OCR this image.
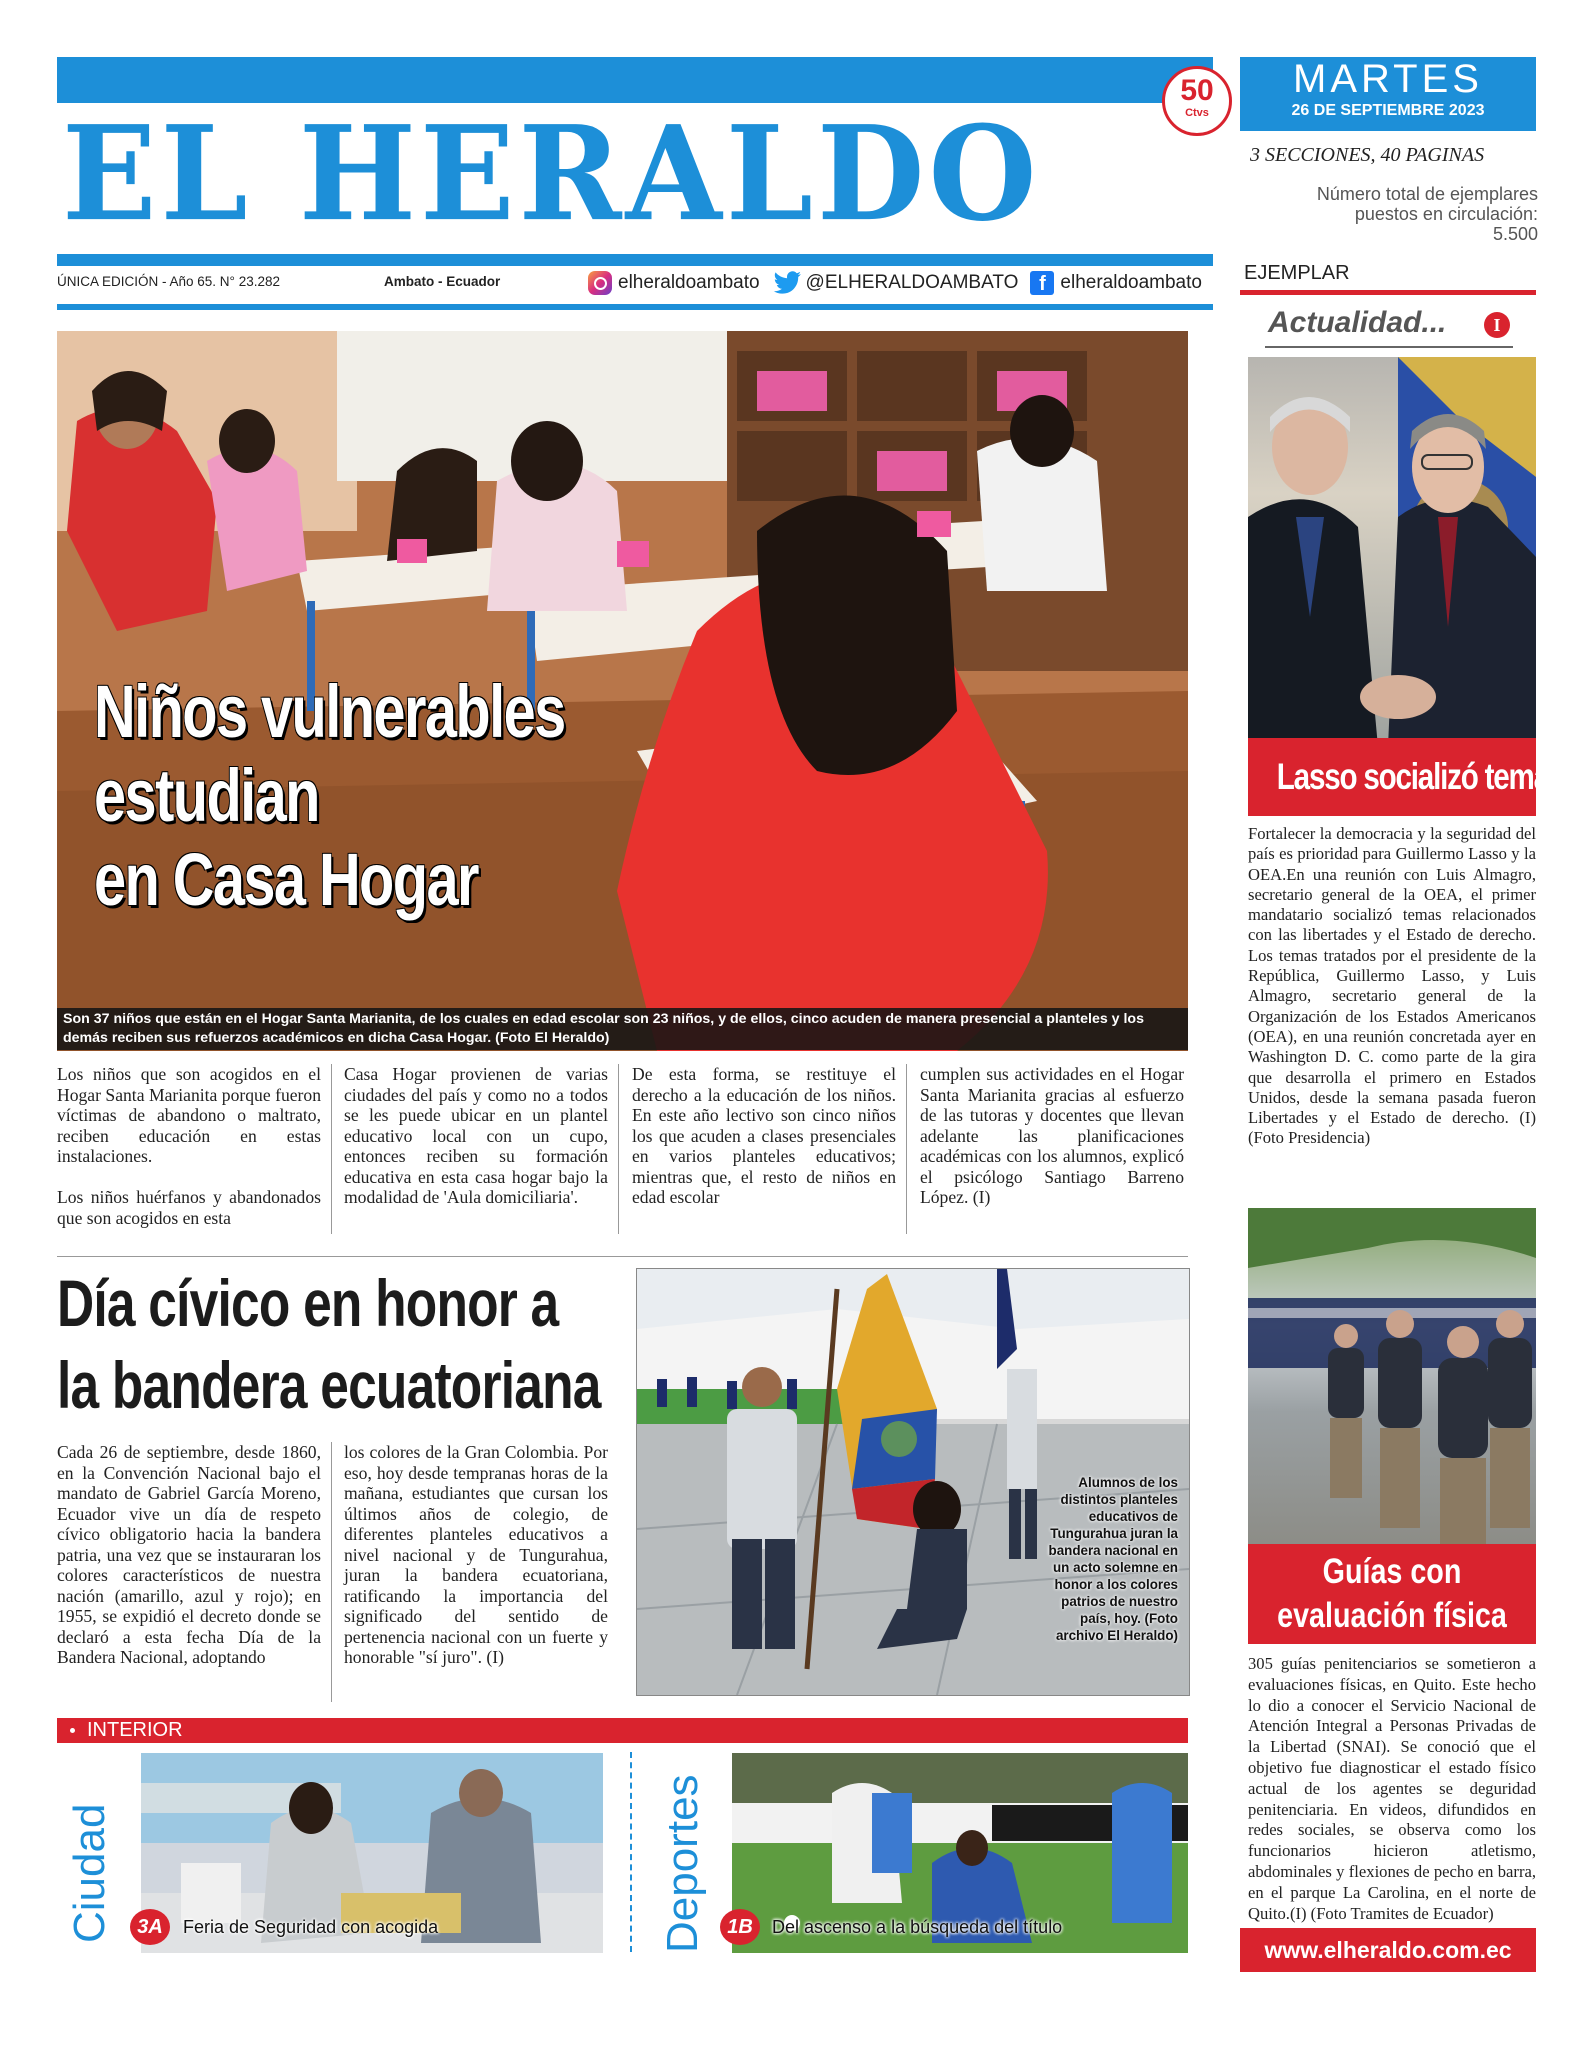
EL HERALDO
50
Ctvs
ÚNICA EDICIÓN - Año 65. N° 23.282	Ambato - Ecuador	elheraldoambato @ELHERALDOAMBATO	f elheraldoambato
MARTES
26 DE SEPTIEMBRE 2023
3 SECCIONES, 40 PAGINAS
Número total de ejemplares puestos en circulación:
5.500
EJEMPLAR
Actualidad...	I
Lasso socializó temas
Fortalecer la democracia y la seguridad del país es prioridad para Guillermo Lasso y la OEA.En una reunión con Luis Almagro, secretario general de la OEA, el primer mandatario socializó temas relacionados con las libertades y el Estado de derecho. Los temas tratados por el presidente de la República, Guillermo Lasso, y Luis Almagro, secretario general de la Organización de los Estados Americanos (OEA), en una reunión concretada ayer en Washington D. C. como parte de la gira que desarrolla el primero en Estados Unidos, desde la semana pasada fueron Libertades y el Estado de derecho. (I) (Foto Presidencia)
Guías con
evaluación física
305 guías penitenciarios se sometieron a evaluaciones físicas, en Quito. Este hecho lo dio a conocer el Servicio Nacional de Atención Integral a Personas Privadas de la Libertad (SNAI). Se conoció que el objetivo fue diagnosticar el estado físico actual de los agentes se deguridad penitenciaria. En videos, difundidos en redes sociales, se observa como los funcionarios hicieron atletismo, abdominales y flexiones de pecho en barra, en el parque La Carolina, en el norte de Quito.(I) (Foto Tramites de Ecuador)
www.elheraldo.com.ec
Niños vulnerables
estudian
en Casa Hogar
Son 37 niños que están en el Hogar Santa Marianita, de los cuales en edad escolar son 23 niños, y de ellos, cinco acuden de manera presencial a planteles y los demás reciben sus refuerzos académicos en dicha Casa Hogar. (Foto El Heraldo)
Los niños que son acogidos en el Hogar Santa Marianita porque fueron víctimas de abandono o maltrato, reciben educación en estas instalaciones.

Los niños huérfanos y abandonados que son acogidos en esta
Casa Hogar provienen de varias ciudades del país y como no a todos se les puede ubicar en un plantel educativo local con un cupo, entonces reciben su formación educativa en esta casa hogar bajo la modalidad de 'Aula domiciliaria'.
De esta forma, se restituye el derecho a la educación de los niños. En este año lectivo son cinco niños los que acuden a clases presenciales en varios planteles educativos; mientras que, el resto de niños en edad escolar
cumplen sus actividades en el Hogar Santa Marianita gracias al esfuerzo de las tutoras y docentes que llevan adelante las planificaciones académicas con los alumnos, explicó el psicólogo Santiago Barreno López. (I)
Día cívico en honor a
la bandera ecuatoriana
Cada 26 de septiembre, desde 1860, en la Convención Nacional bajo el mandato de Gabriel García Moreno, Ecuador vive un día de respeto cívico obligatorio hacia la bandera patria, una vez que se instauraran los colores característicos de nuestra nación (amarillo, azul y rojo); en 1955, se expidió el decreto donde se declaró a esta fecha Día de la Bandera Nacional, adoptando
los colores de la Gran Colombia. Por eso, hoy desde tempranas horas de la mañana, estudiantes que cursan los últimos años de colegio, de diferentes planteles educativos a nivel nacional y de Tungurahua, juran la bandera ecuatoriana, ratificando la importancia del significado del sentido de pertenencia nacional con un fuerte y honorable "sí juro". (I)
Alumnos de los distintos planteles educativos de Tungurahua juran la bandera nacional en un acto solemne en honor a los colores patrios de nuestro país, hoy. (Foto archivo El Heraldo)
INTERIOR
Ciudad	3A	Feria de Seguridad con acogida	Deportes	1B	Del ascenso a la búsqueda del título
